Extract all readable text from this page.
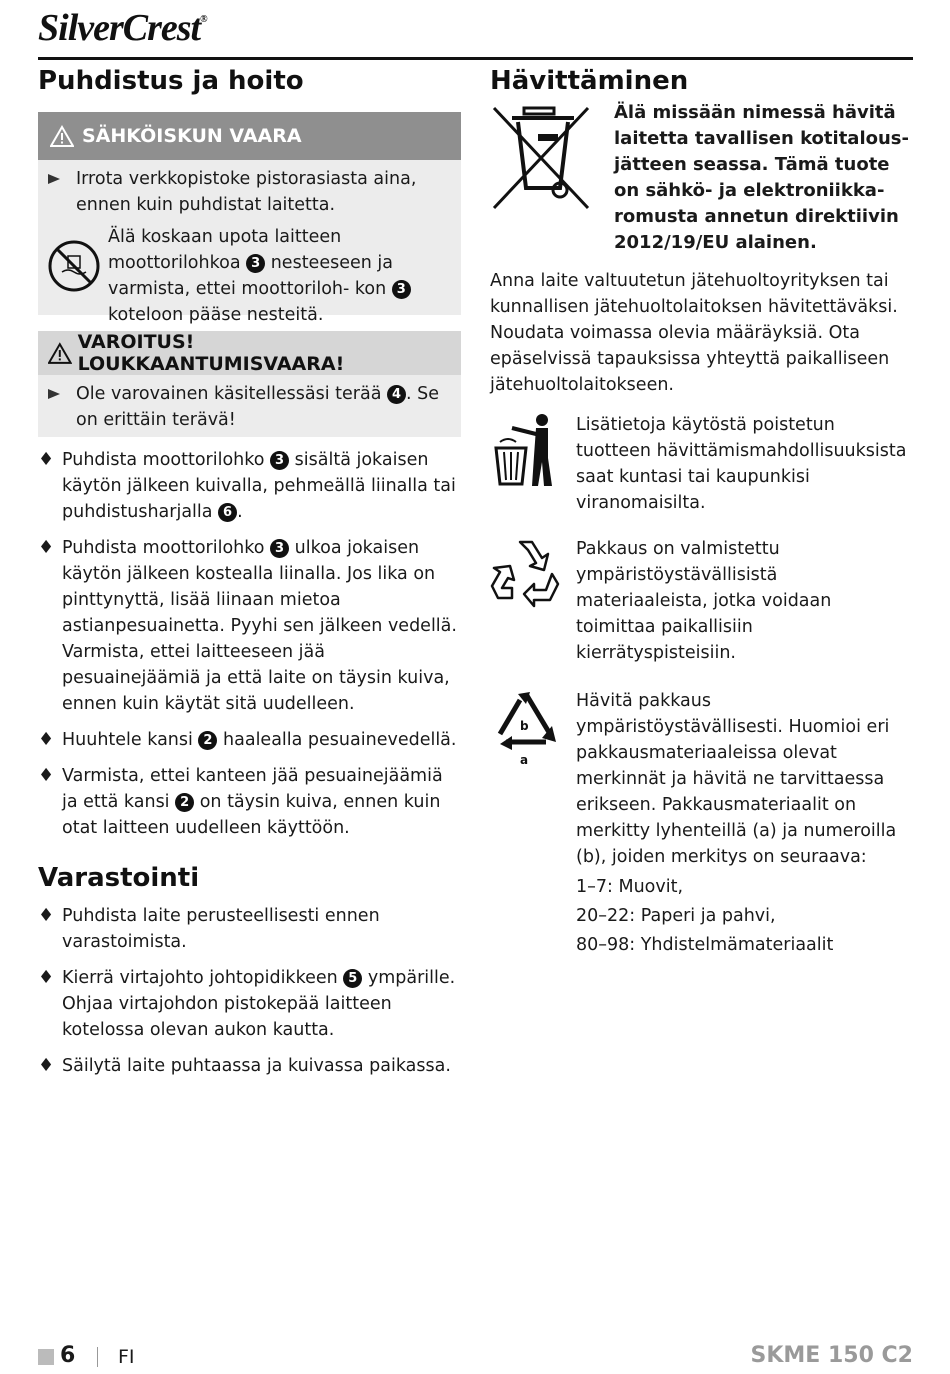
SilverCrest®
Puhdistus ja hoito
SÄHKÖISKUN VAARA
Irrota verkkopistoke pistorasiasta aina, ennen kuin puhdistat laitetta.
Älä koskaan upota laitteen moottorilohkoa 3 nesteeseen ja varmista, ettei moottoriloh- kon 3 koteloon pääse nesteitä.
VAROITUS! LOUKKAANTUMISVAARA!
Ole varovainen käsitellessäsi terää 4 . Se on erittäin terävä!
♦ Puhdista moottorilohko 3 sisältä jokaisen käytön jälkeen kuivalla, pehmeällä liinalla tai puhdistusharjalla 6 .
♦ Puhdista moottorilohko 3 ulkoa jokaisen käytön jälkeen kostealla liinalla. Jos lika on pinttynyttä, lisää liinaan mietoa astianpesuainetta. Pyyhi sen jälkeen vedellä. Varmista, ettei laitteeseen jää pesuainejäämiä ja että laite on täysin kuiva, ennen kuin käytät sitä uudelleen.
♦ Huuhtele kansi 2 haalealla pesuainevedellä.
♦ Varmista, ettei kanteen jää pesuainejäämiä ja että kansi 2 on täysin kuiva, ennen kuin otat laitteen uudelleen käyttöön.
Varastointi
♦ Puhdista laite perusteellisesti ennen varastoimista.
♦ Kierrä virtajohto johtopidikkeen 5 ympärille. Ohjaa virtajohdon pistokepää laitteen kotelossa olevan aukon kautta.
♦ Säilytä laite puhtaassa ja kuivassa paikassa.
Hävittäminen
Älä missään nimessä hävitä laitetta tavallisen kotitalous- jätteen seassa. Tämä tuote on sähkö- ja elektroniikka- romusta annetun direktiivin 2012/19/EU alainen.
Anna laite valtuutetun jätehuoltoyrityksen tai kunnallisen jätehuoltolaitoksen hävitettäväksi. Noudata voimassa olevia määräyksiä. Ota epäselvissä tapauksissa yhteyttä paikalliseen jätehuoltolaitokseen.
Lisätietoja käytöstä poistetun tuotteen hävittämismahdollisuuksista saat kuntasi tai kaupunkisi viranomaisilta.
Pakkaus on valmistettu ympäristöystävällisistä materiaaleista, jotka voidaan toimittaa paikallisiin kierrätyspisteisiin.
b
a
Hävitä pakkaus ympäristöystävällisesti. Huomioi eri pakkausmateriaaleissa olevat merkinnät ja hävitä ne tarvittaessa erikseen. Pakkausmateriaalit on merkitty lyhenteillä (a) ja numeroilla (b), joiden merkitys on seuraava:
1–7: Muovit,
20–22: Paperi ja pahvi,
80–98: Yhdistelmämateriaalit
6 FI	SKME 150 C2
